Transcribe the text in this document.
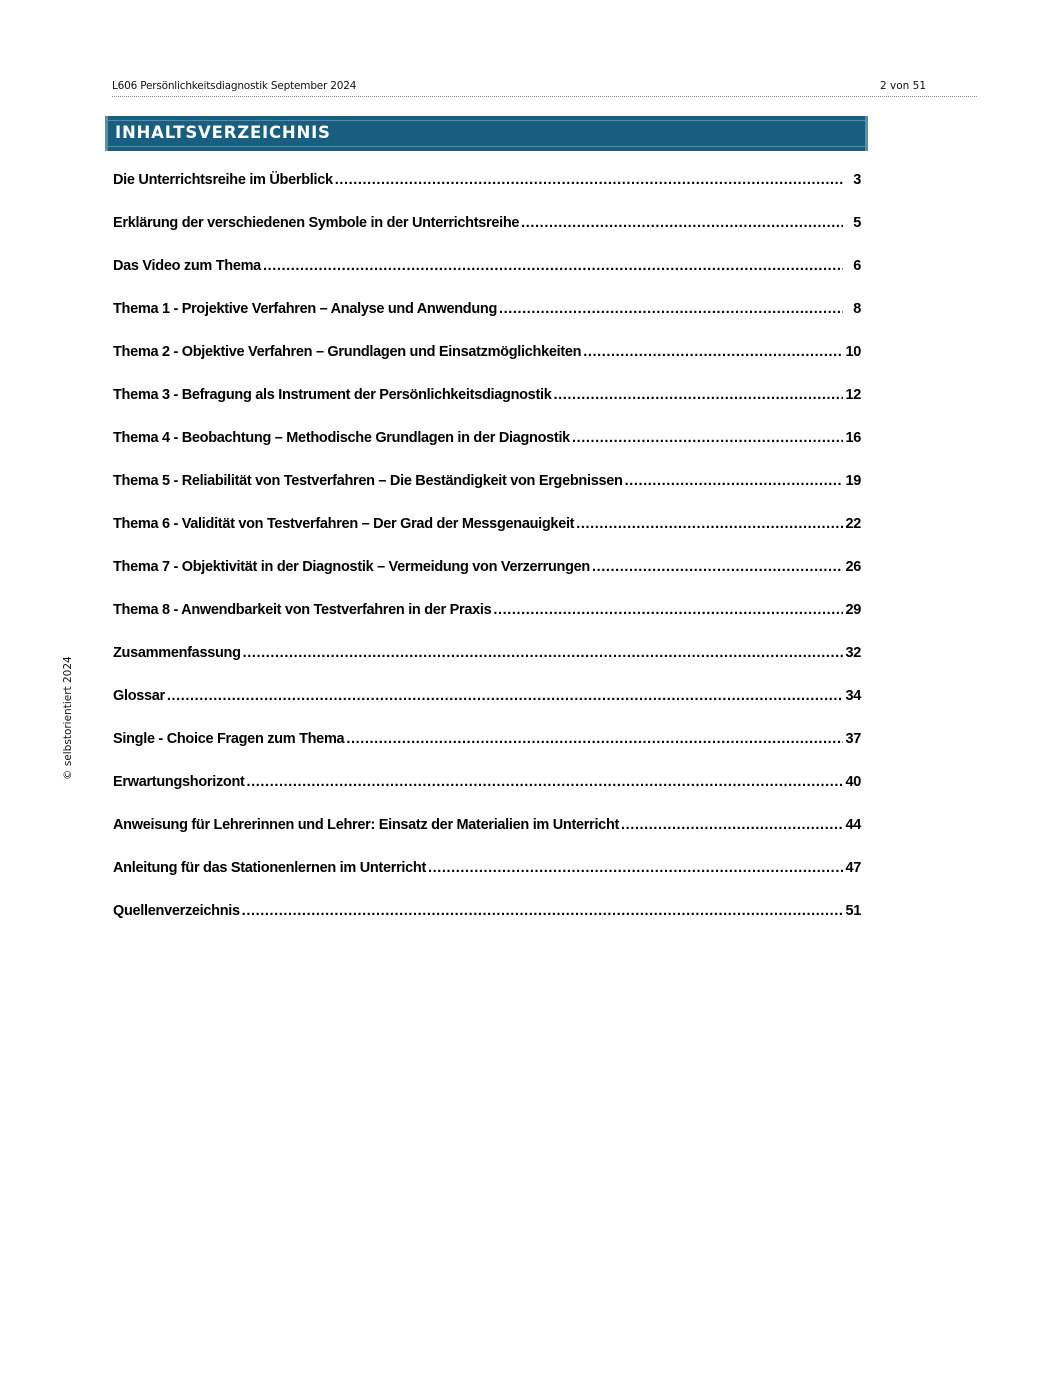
L606 Persönlichkeitsdiagnostik September 2024	2 von 51
INHALTSVERZEICHNIS
Die Unterrichtsreihe im Überblick .....	3
Erklärung der verschiedenen Symbole in der Unterrichtsreihe .....	5
Das Video zum Thema .....	6
Thema 1 - Projektive Verfahren – Analyse und Anwendung .....	8
Thema 2 - Objektive Verfahren – Grundlagen und Einsatzmöglichkeiten .....	10
Thema 3 - Befragung als Instrument der Persönlichkeitsdiagnostik .....	12
Thema 4 - Beobachtung – Methodische Grundlagen in der Diagnostik .....	16
Thema 5 - Reliabilität von Testverfahren – Die Beständigkeit von Ergebnissen .....	19
Thema 6 - Validität von Testverfahren – Der Grad der Messgenauigkeit .....	22
Thema 7 - Objektivität in der Diagnostik – Vermeidung von Verzerrungen .....	26
Thema 8 - Anwendbarkeit von Testverfahren in der Praxis .....	29
Zusammenfassung .....	32
Glossar .....	34
Single - Choice Fragen zum Thema .....	37
Erwartungshorizont .....	40
Anweisung für Lehrerinnen und Lehrer: Einsatz der Materialien im Unterricht .....	44
Anleitung für das Stationenlernen im Unterricht .....	47
Quellenverzeichnis .....	51
© selbstorientiert 2024
